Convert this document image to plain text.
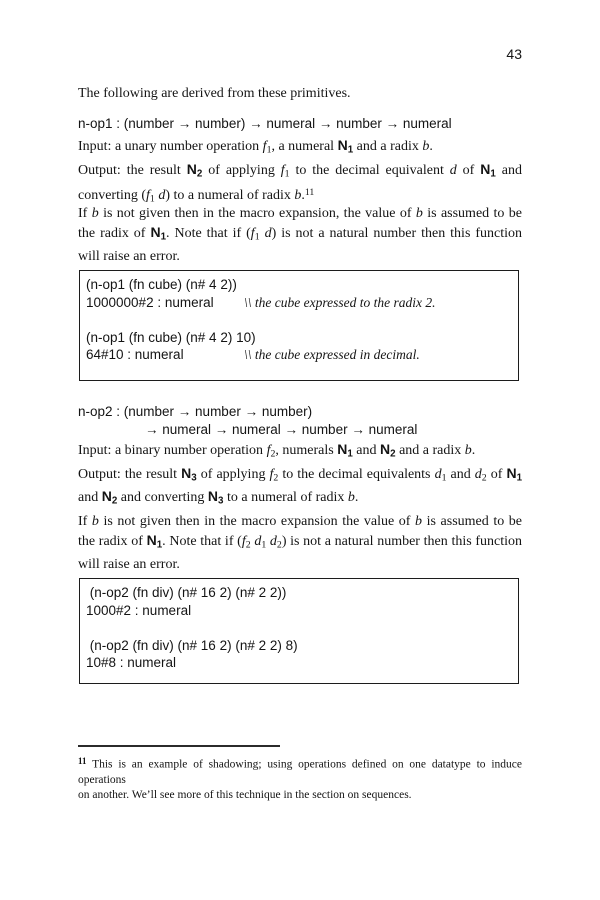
43
The following are derived from these primitives.
n-op1 : (number → number) → numeral → number → numeral
Input: a unary number operation f1, a numeral N1 and a radix b.
Output: the result N2 of applying f1 to the decimal equivalent d of N1 and
converting (f1 d) to a numeral of radix b.$^{11}$
If b is not given then in the macro expansion, the value of b is assumed to be
the radix of N1. Note that if (f1 d) is not a natural number then this function
will raise an error.
(n-op1 (fn cube) (n# 4 2))
1000000#2 : numeral \\ the cube expressed to the radix 2.

(n-op1 (fn cube) (n# 4 2) 10)
64#10 : numeral	\\ the cube expressed in decimal.
n-op2 : (number → number → number)
→ numeral → numeral → number → numeral
Input: a binary number operation f2, numerals N1 and N2 and a radix b.
Output: the result N3 of applying f2 to the decimal equivalents d1 and d2 of N1
and N2 and converting N3 to a numeral of radix b.
If b is not given then in the macro expansion the value of b is assumed to be
the radix of N1. Note that if (f2 d1 d2) is not a natural number then this function
will raise an error.
(n-op2 (fn div) (n# 16 2) (n# 2 2))
1000#2 : numeral

(n-op2 (fn div) (n# 16 2) (n# 2 2) 8)
10#8 : numeral
$^{11}$ This is an example of shadowing; using operations defined on one datatype to induce operations
on another. We’ll see more of this technique in the section on sequences.
